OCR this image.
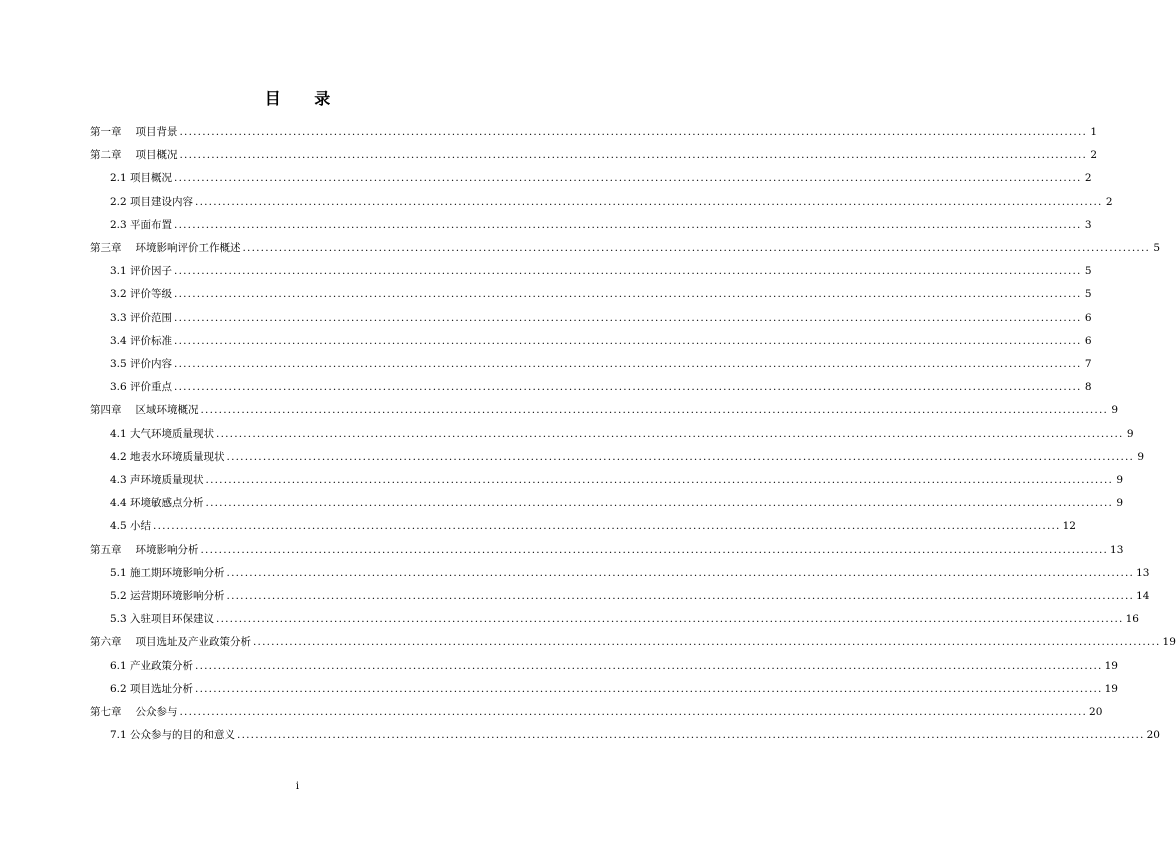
目 录
第一章 项目背景 ........................................................................................................................................................................................................ 1
第二章 项目概况 ........................................................................................................................................................................................................ 2
2.1 项目概况 ........................................................................................................................................................................................................ 2
2.2 项目建设内容 ........................................................................................................................................................................................................ 2
2.3 平面布置 ........................................................................................................................................................................................................ 3
第三章 环境影响评价工作概述 ........................................................................................................................................................................................................ 5
3.1 评价因子 ........................................................................................................................................................................................................ 5
3.2 评价等级 ........................................................................................................................................................................................................ 5
3.3 评价范围 ........................................................................................................................................................................................................ 6
3.4 评价标准 ........................................................................................................................................................................................................ 6
3.5 评价内容 ........................................................................................................................................................................................................ 7
3.6 评价重点 ........................................................................................................................................................................................................ 8
第四章 区域环境概况 ........................................................................................................................................................................................................ 9
4.1 大气环境质量现状 ........................................................................................................................................................................................................ 9
4.2 地表水环境质量现状 ........................................................................................................................................................................................................ 9
4.3 声环境质量现状 ........................................................................................................................................................................................................ 9
4.4 环境敏感点分析 ........................................................................................................................................................................................................ 9
4.5 小结 ........................................................................................................................................................................................................ 12
第五章 环境影响分析 ........................................................................................................................................................................................................ 13
5.1 施工期环境影响分析 ........................................................................................................................................................................................................ 13
5.2 运营期环境影响分析 ........................................................................................................................................................................................................ 14
5.3 入驻项目环保建议 ........................................................................................................................................................................................................ 16
第六章 项目选址及产业政策分析 ........................................................................................................................................................................................................ 19
6.1 产业政策分析 ........................................................................................................................................................................................................ 19
6.2 项目选址分析 ........................................................................................................................................................................................................ 19
第七章 公众参与 ........................................................................................................................................................................................................ 20
7.1 公众参与的目的和意义 ........................................................................................................................................................................................................ 20
i
